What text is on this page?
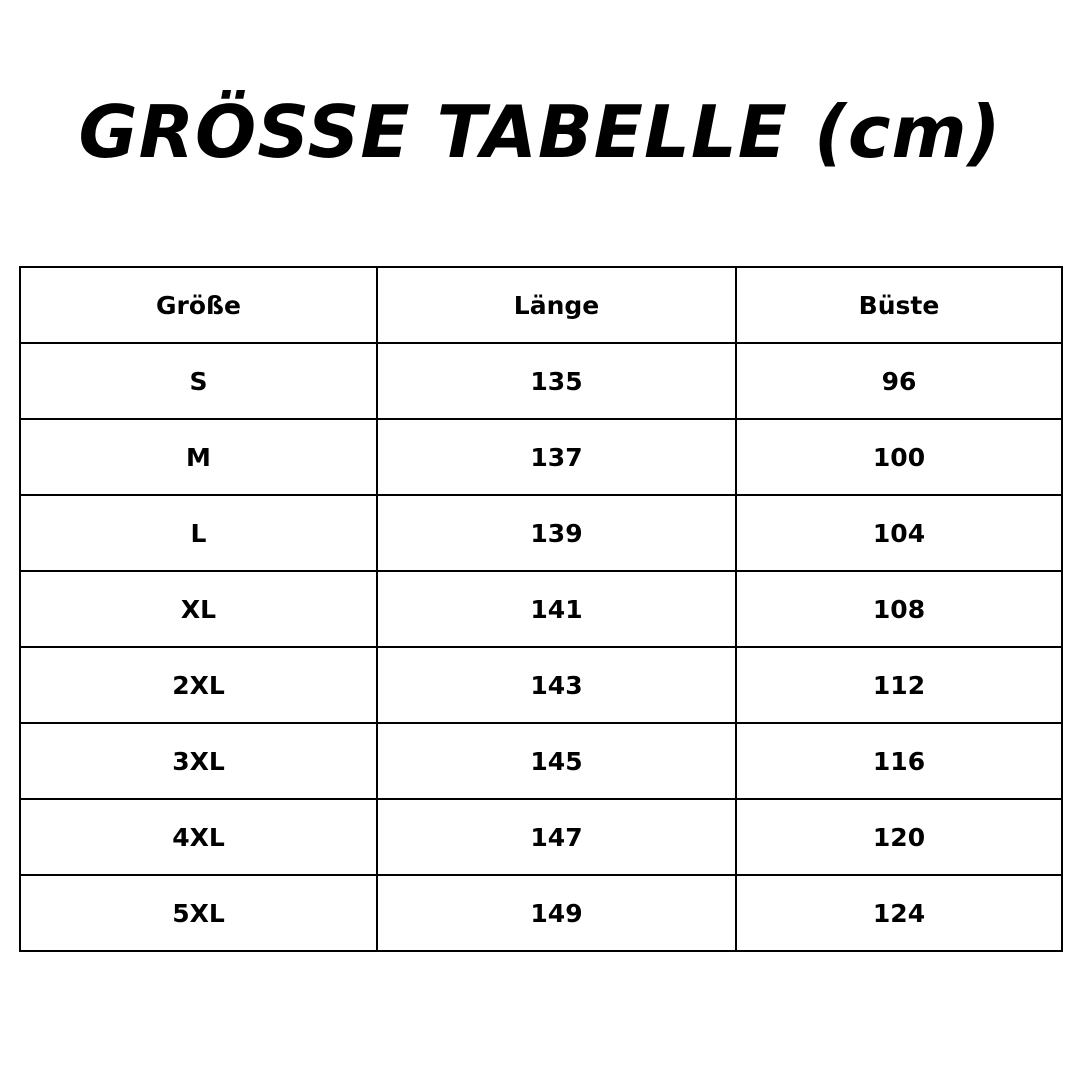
GRÖSSE TABELLE (cm)
Größe	Länge	Büste
S	135	96
M	137	100
L	139	104
XL	141	108
2XL	143	112
3XL	145	116
4XL	147	120
5XL	149	124
